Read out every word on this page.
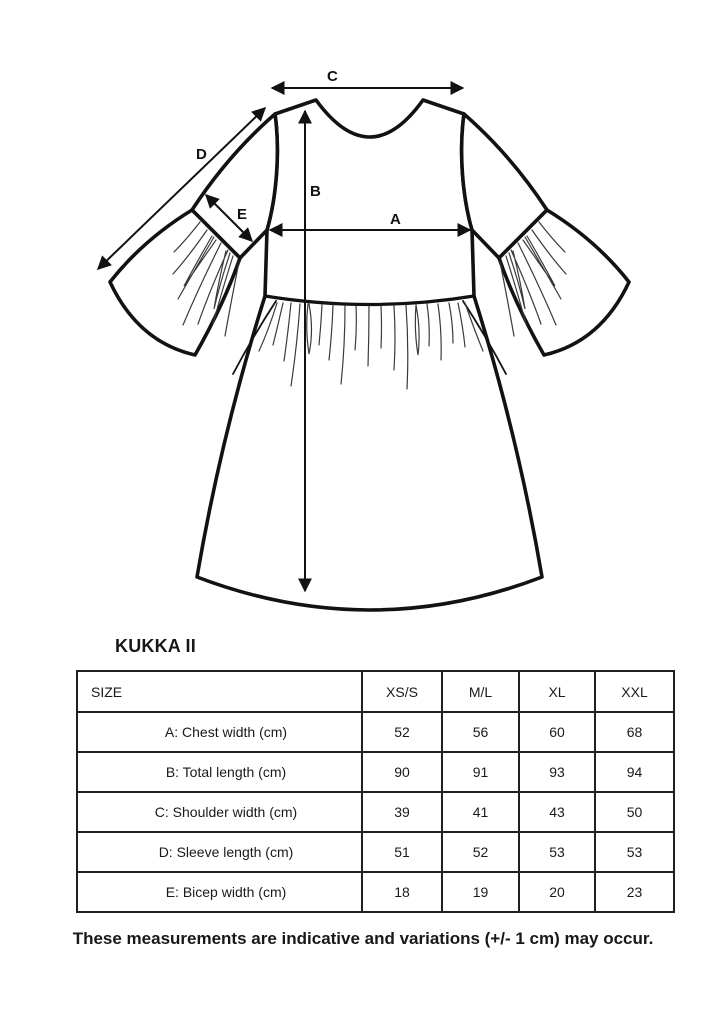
C
B
A
D
E
KUKKA II
SIZE	XS/S	M/L	XL	XXL
A: Chest width (cm)	52	56	60	68
B: Total length (cm)	90	91	93	94
C: Shoulder width (cm)	39	41	43	50
D: Sleeve length (cm)	51	52	53	53
E: Bicep width (cm)	18	19	20	23
These measurements are indicative and variations (+/- 1 cm) may occur.
